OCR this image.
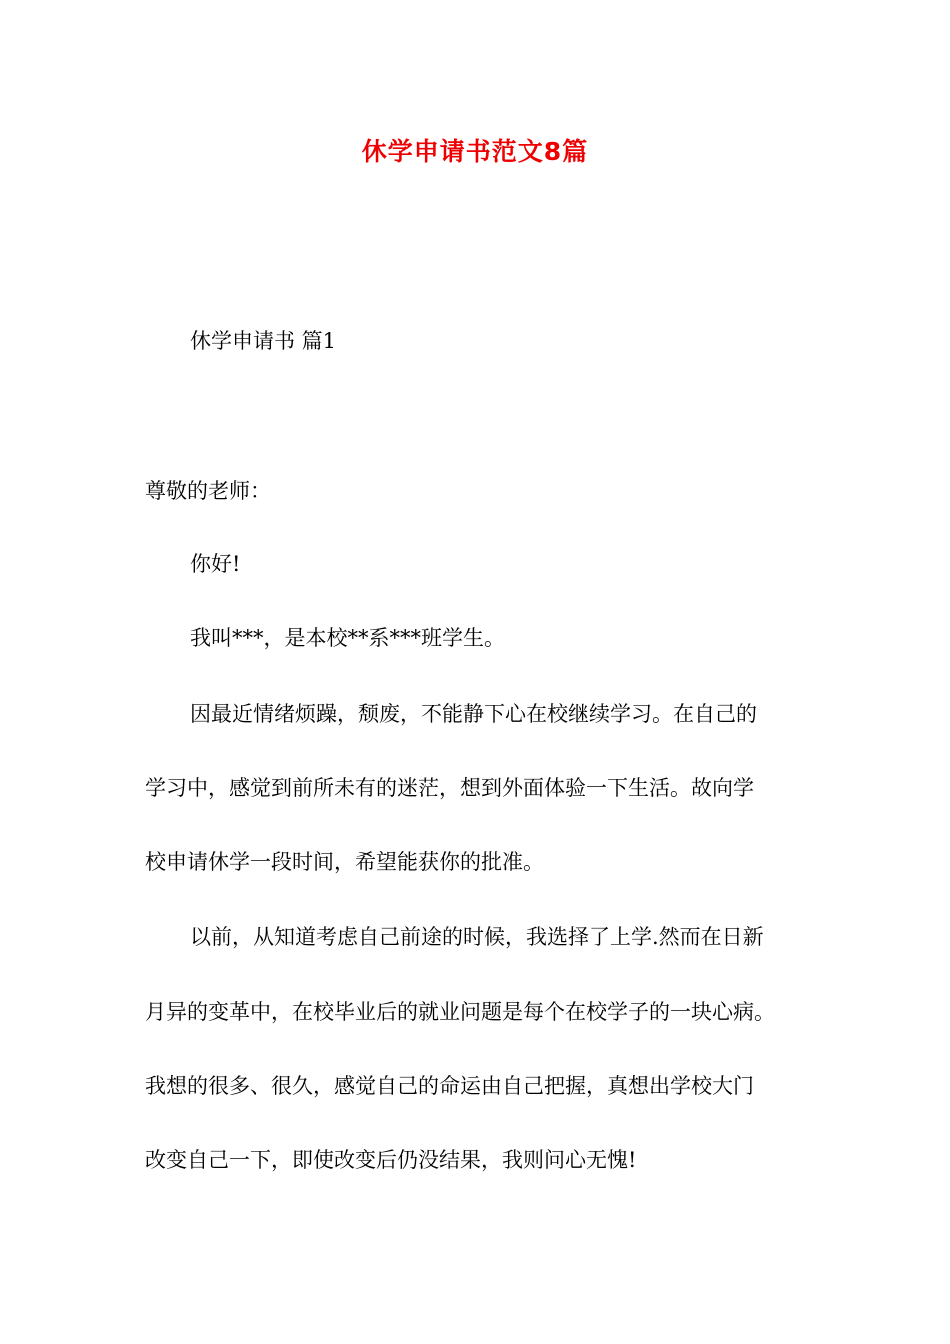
休学申请书范文8篇
休学申请书 篇1
尊敬的老师：
你好!
我叫***，是本校**系***班学生。
因最近情绪烦躁，颓废，不能静下心在校继续学习。在自己的
学习中，感觉到前所未有的迷茫，想到外面体验一下生活。故向学
校申请休学一段时间，希望能获你的批准。
以前，从知道考虑自己前途的时候，我选择了上学.然而在日新
月异的变革中，在校毕业后的就业问题是每个在校学子的一块心病。
我想的很多、很久，感觉自己的命运由自己把握，真想出学校大门
改变自己一下，即使改变后仍没结果，我则问心无愧!
